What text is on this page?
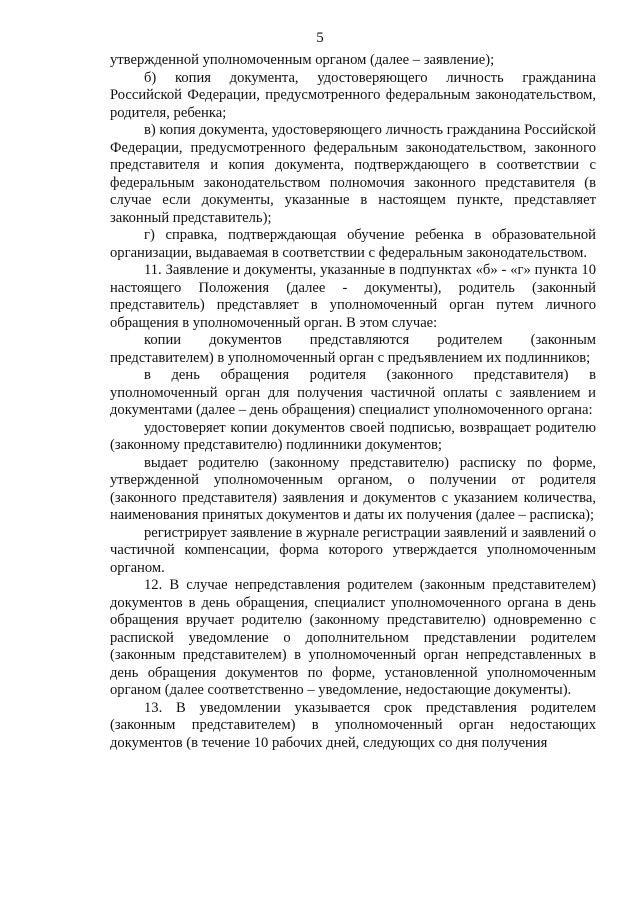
5

утвержденной уполномоченным органом (далее – заявление);

б) копия документа, удостоверяющего личность гражданина Российской Федерации, предусмотренного федеральным законодательством, родителя, ребенка;

в) копия документа, удостоверяющего личность гражданина Российской Федерации, предусмотренного федеральным законодательством, законного представителя и копия документа, подтверждающего в соответствии с федеральным законодательством полномочия законного представителя (в случае если документы, указанные в настоящем пункте, представляет законный представитель);

г) справка, подтверждающая обучение ребенка в образовательной организации, выдаваемая в соответствии с федеральным законодательством.

11. Заявление и документы, указанные в подпунктах «б» - «г» пункта 10 настоящего Положения (далее - документы), родитель (законный представитель) представляет в уполномоченный орган путем личного обращения в уполномоченный орган. В этом случае:

копии документов представляются родителем (законным представителем) в уполномоченный орган с предъявлением их подлинников;

в день обращения родителя (законного представителя) в уполномоченный орган для получения частичной оплаты с заявлением и документами (далее – день обращения) специалист уполномоченного органа:

удостоверяет копии документов своей подписью, возвращает родителю (законному представителю) подлинники документов;

выдает родителю (законному представителю) расписку по форме, утвержденной уполномоченным органом, о получении от родителя (законного представителя) заявления и документов с указанием количества, наименования принятых документов и даты их получения (далее – расписка);

регистрирует заявление в журнале регистрации заявлений и заявлений о частичной компенсации, форма которого утверждается уполномоченным органом.

12. В случае непредставления родителем (законным представителем) документов в день обращения, специалист уполномоченного органа в день обращения вручает родителю (законному представителю) одновременно с распиской уведомление о дополнительном представлении родителем (законным представителем) в уполномоченный орган непредставленных в день обращения документов по форме, установленной уполномоченным органом (далее соответственно – уведомление, недостающие документы).

13. В уведомлении указывается срок представления родителем (законным представителем) в уполномоченный орган недостающих документов (в течение 10 рабочих дней, следующих со дня получения
